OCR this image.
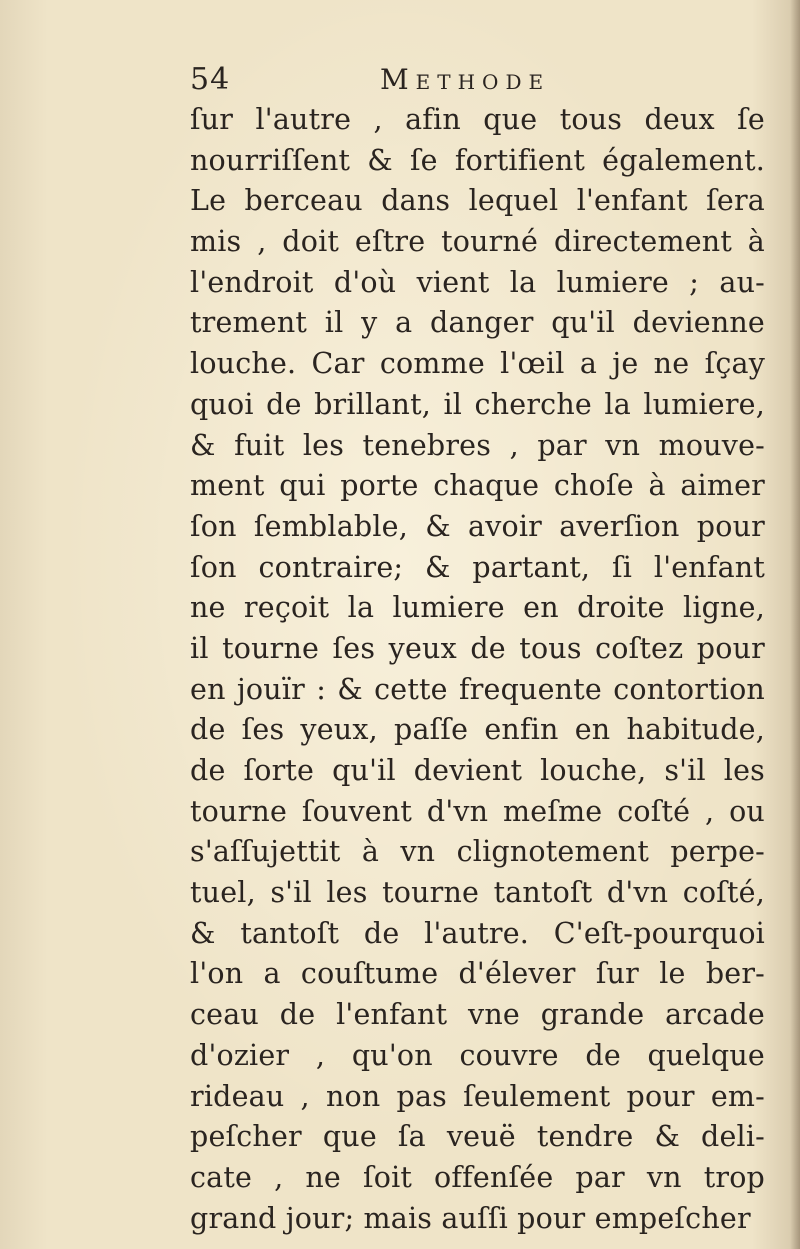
54	Methode
ſur l'autre , afin que tous deux ſe
nourriſſent & ſe fortifient également.
Le berceau dans lequel l'enfant ſera
mis , doit eſtre tourné directement à
l'endroit d'où vient la lumiere ; au-
trement il y a danger qu'il devienne
louche. Car comme l'œil a je ne ſçay
quoi de brillant, il cherche la lumiere,
& fuit les tenebres , par vn mouve-
ment qui porte chaque choſe à aimer
ſon ſemblable, & avoir averſion pour
ſon contraire; & partant, ſi l'enfant
ne reçoit la lumiere en droite ligne,
il tourne ſes yeux de tous coſtez pour
en jouïr : & cette frequente contortion
de ſes yeux, paſſe enfin en habitude,
de ſorte qu'il devient louche, s'il les
tourne ſouvent d'vn meſme coſté , ou
s'aſſujettit à vn clignotement perpe-
tuel, s'il les tourne tantoſt d'vn coſté,
& tantoſt de l'autre. C'eſt-pourquoi
l'on a couſtume d'élever ſur le ber-
ceau de l'enfant vne grande arcade
d'ozier , qu'on couvre de quelque
rideau , non pas ſeulement pour em-
peſcher que ſa veuë tendre & deli-
cate , ne ſoit offenſée par vn trop
grand jour; mais auſſi pour empeſcher
